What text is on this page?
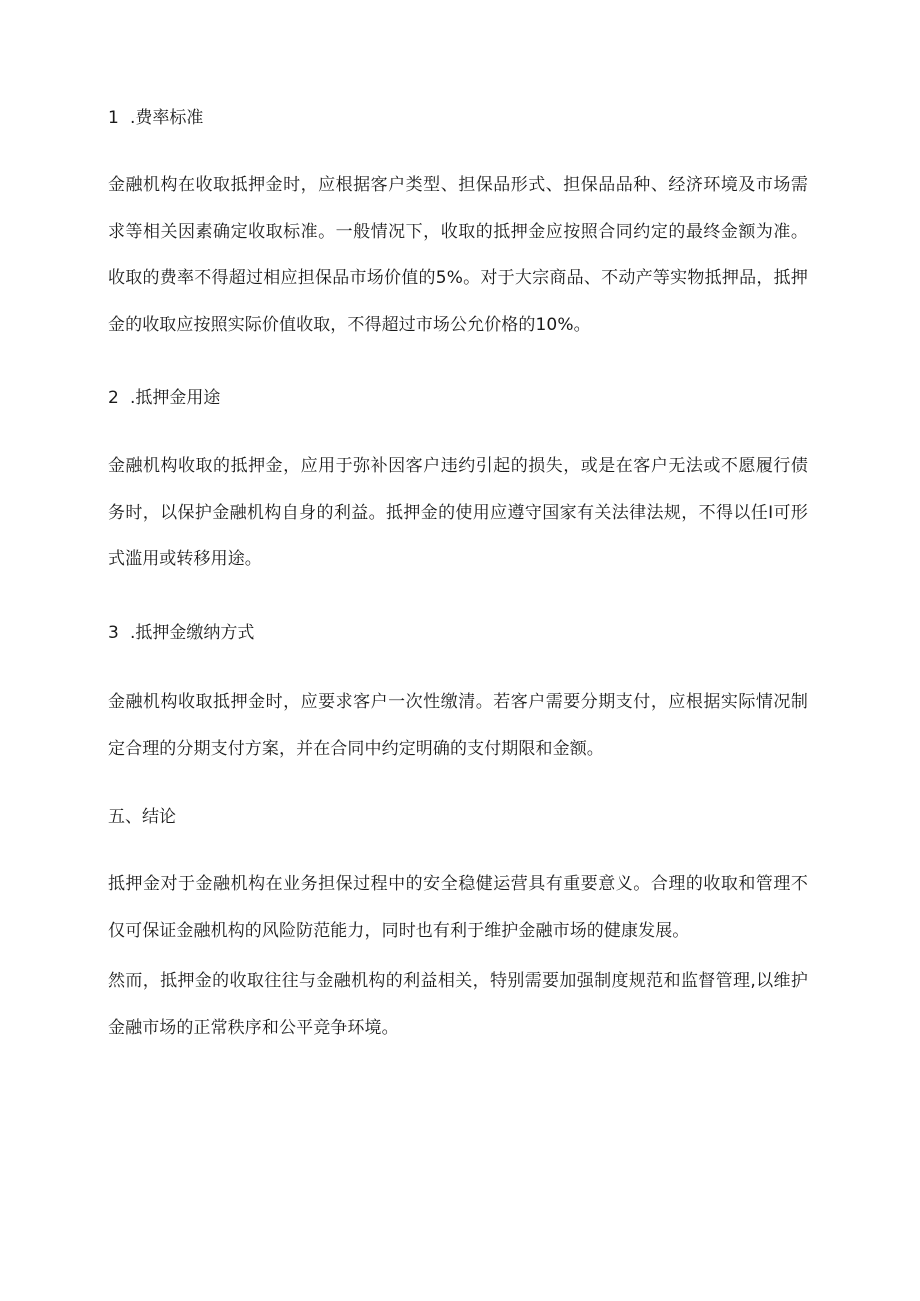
1 .费率标准
金融机构在收取抵押金时，应根据客户类型、担保品形式、担保品品种、经济环境及市场需求等相关因素确定收取标准。一般情况下，收取的抵押金应按照合同约定的最终金额为准。收取的费率不得超过相应担保品市场价值的5%。对于大宗商品、不动产等实物抵押品，抵押金的收取应按照实际价值收取，不得超过市场公允价格的10%。
2 .抵押金用途
金融机构收取的抵押金，应用于弥补因客户违约引起的损失，或是在客户无法或不愿履行债务时，以保护金融机构自身的利益。抵押金的使用应遵守国家有关法律法规，不得以任I可形式滥用或转移用途。
3 .抵押金缴纳方式
金融机构收取抵押金时，应要求客户一次性缴清。若客户需要分期支付，应根据实际情况制定合理的分期支付方案，并在合同中约定明确的支付期限和金额。
五、结论
抵押金对于金融机构在业务担保过程中的安全稳健运营具有重要意义。合理的收取和管理不仅可保证金融机构的风险防范能力，同时也有利于维护金融市场的健康发展。
然而，抵押金的收取往往与金融机构的利益相关，特别需要加强制度规范和监督管理,以维护金融市场的正常秩序和公平竞争环境。
